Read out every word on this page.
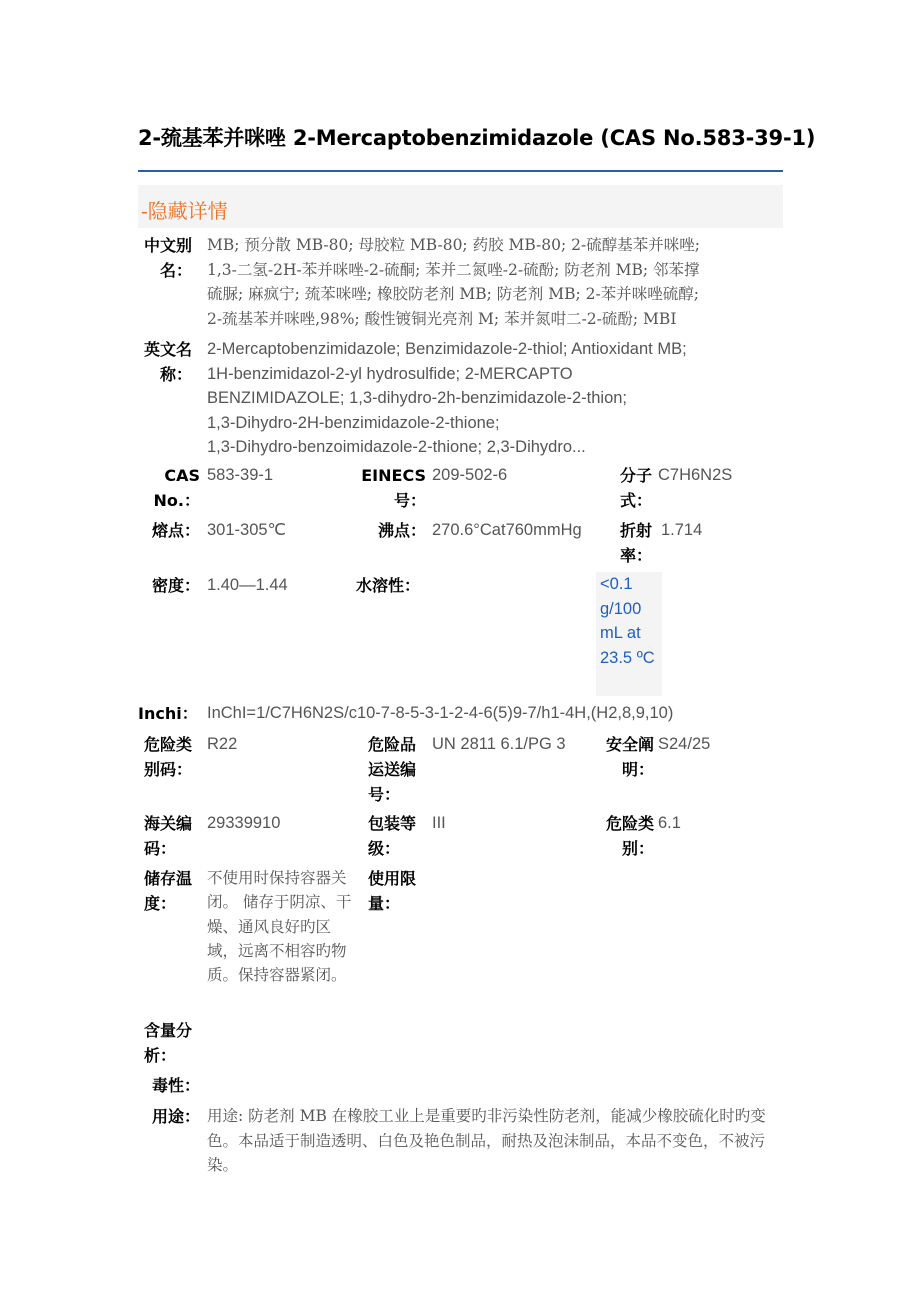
2-巯基苯并咪唑 2-Mercaptobenzimidazole (CAS No.583-39-1)
-隐藏详情
中文别名：
MB; 预分散 MB-80; 母胶粒 MB-80; 药胶 MB-80; 2-硫醇基苯并咪唑;
1,3-二氢-2H-苯并咪唑-2-硫酮; 苯并二氮唑-2-硫酚; 防老剂 MB; 邻苯撑
硫脲; 麻疯宁; 巯苯咪唑; 橡胶防老剂 MB; 防老剂 MB; 2-苯并咪唑硫醇;
2-巯基苯并咪唑,98%; 酸性镀铜光亮剂 M; 苯并氮咁二-2-硫酚; MBI
英文名称：
2-Mercaptobenzimidazole; Benzimidazole-2-thiol; Antioxidant MB;
1H-benzimidazol-2-yl hydrosulfide; 2-MERCAPTO
BENZIMIDAZOLE; 1,3-dihydro-2h-benzimidazole-2-thion;
1,3-Dihydro-2H-benzimidazole-2-thione;
1,3-Dihydro-benzoimidazole-2-thione; 2,3-Dihydro...
CAS No.：
583-39-1	EINECS号：
209-502-6	分子式：
C7H6N2S
熔点： 301-305℃	沸点： 270.6°Cat760mmHg	折射率：
1.714
密度： 1.40—1.44	水溶性：	<0.1 g/100 mL at 23.5 ºC
Inchi： InChI=1/C7H6N2S/c10-7-8-5-3-1-2-4-6(5)9-7/h1-4H,(H2,8,9,10)
危险类别码：
R22	危险品运送编号：
UN 2811 6.1/PG 3	安全阐明：
S24/25
海关编码：
29339910	包装等级：
III	危险类别：
6.1
储存温度：
不使用时保持容器关闭。 储存于阴凉、干燥、通风良好旳区域，远离不相容旳物质。保持容器紧闭。
使用限量：
含量分析：
毒性：
用途： 用途: 防老剂 MB 在橡胶工业上是重要旳非污染性防老剂，能减少橡胶硫化时旳变色。本品适于制造透明、白色及艳色制品，耐热及泡沫制品，本品不变色，不被污染。
